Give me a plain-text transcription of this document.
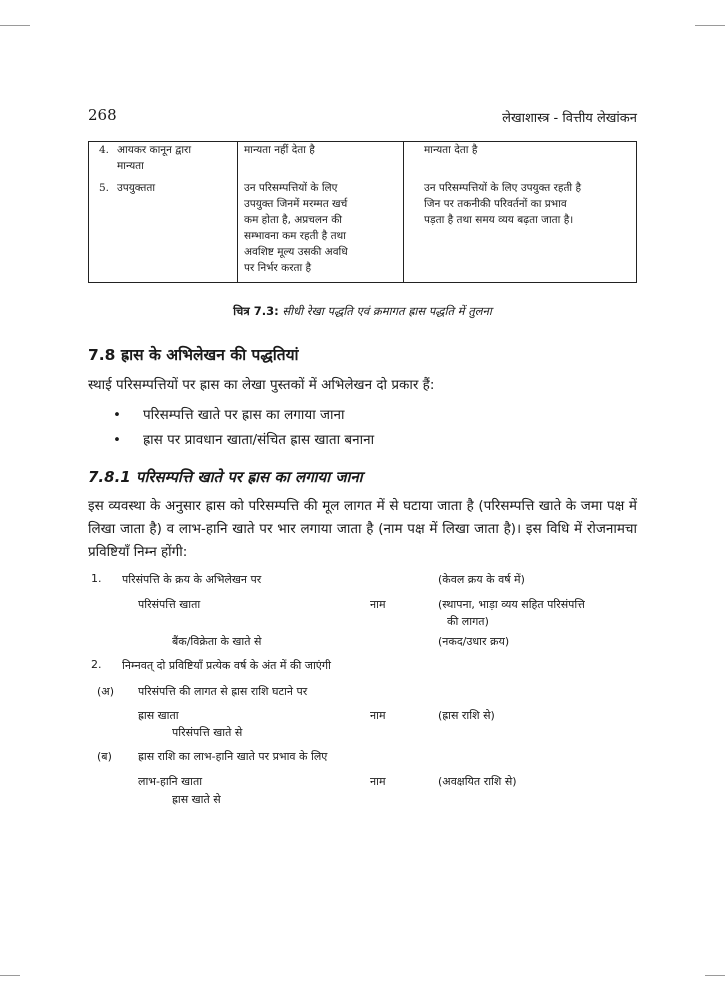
268	लेखाशास्त्र - वित्तीय लेखांकन
4. आयकर कानून द्वारा
मान्यता	मान्यता नहीं देता है	मान्यता देता है

5. उपयुक्तता	उन परिसम्पत्तियों के लिए
उपयुक्त जिनमें मरम्मत खर्च
कम होता है, अप्रचलन की
सम्भावना कम रहती है तथा
अवशिष्ट मूल्य उसकी अवधि
पर निर्भर करता है	उन परिसम्पत्तियों के लिए उपयुक्त रहती है
जिन पर तकनीकी परिवर्तनों का प्रभाव
पड़ता है तथा समय व्यय बढ़ता जाता है।
चित्र 7.3: सीधी रेखा पद्धति एवं क्रमागत ह्रास पद्धति में तुलना
7.8 ह्रास के अभिलेखन की पद्धतियां
स्थाई परिसम्पत्तियों पर ह्रास का लेखा पुस्तकों में अभिलेखन दो प्रकार हैं:
• परिसम्पत्ति खाते पर ह्रास का लगाया जाना
• ह्रास पर प्रावधान खाता/संचित ह्रास खाता बनाना
7.8.1 परिसम्पत्ति खाते पर ह्रास का लगाया जाना
इस व्यवस्था के अनुसार ह्रास को परिसम्पत्ति की मूल लागत में से घटाया जाता है (परिसम्पत्ति खाते के जमा पक्ष में लिखा जाता है) व लाभ-हानि खाते पर भार लगाया जाता है (नाम पक्ष में लिखा जाता है)। इस विधि में रोजनामचा प्रविष्टियाँ निम्न होंगी:
1. परिसंपत्ति के क्रय के अभिलेखन पर	(केवल क्रय के वर्ष में)
परिसंपत्ति खाता	नाम	(स्थापना, भाड़ा व्यय सहित परिसंपत्ति
की लागत)
बैंक/विक्रेता के खाते से	(नकद/उधार क्रय)
2. निम्नवत् दो प्रविष्टियाँ प्रत्येक वर्ष के अंत में की जाएंगी
(अ) परिसंपत्ति की लागत से ह्रास राशि घटाने पर
ह्रास खाता	नाम	(ह्रास राशि से)
परिसंपत्ति खाते से
(ब) ह्रास राशि का लाभ-हानि खाते पर प्रभाव के लिए
लाभ-हानि खाता	नाम	(अवक्षयित राशि से)
ह्रास खाते से
